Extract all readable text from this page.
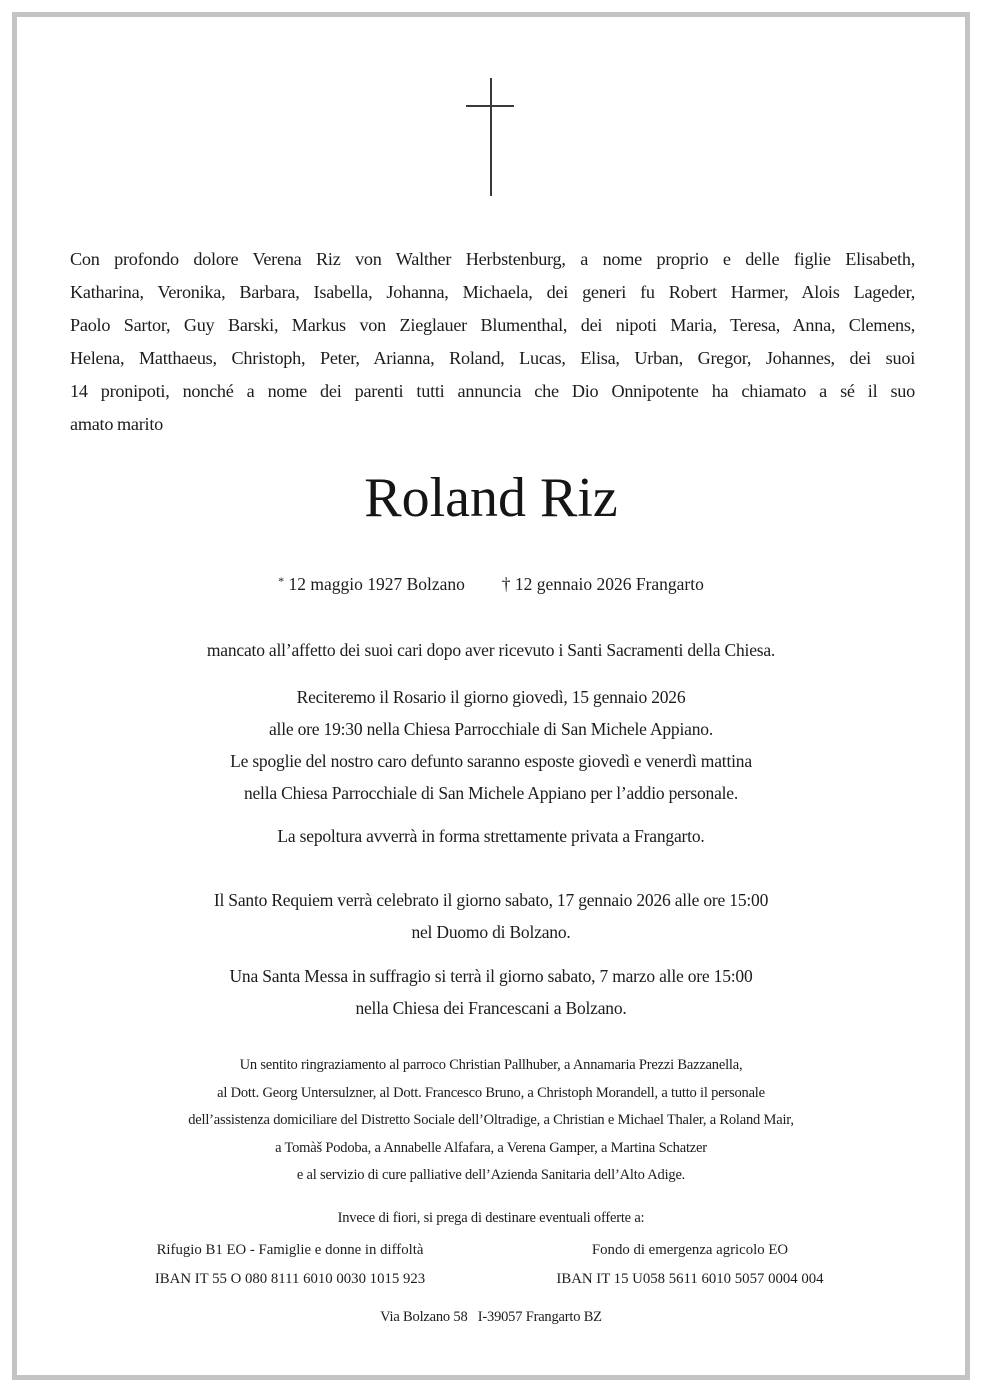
Con profondo dolore Verena Riz von Walther Herbstenburg, a nome proprio e delle figlie Elisabeth,
Katharina, Veronika, Barbara, Isabella, Johanna, Michaela, dei generi fu Robert Harmer, Alois Lageder,
Paolo Sartor, Guy Barski, Markus von Zieglauer Blumenthal, dei nipoti Maria, Teresa, Anna, Clemens,
Helena, Matthaeus, Christoph, Peter, Arianna, Roland, Lucas, Elisa, Urban, Gregor, Johannes, dei suoi
14 pronipoti, nonché a nome dei parenti tutti annuncia che Dio Onnipotente ha chiamato a sé il suo
amato marito
Roland Riz
* 12 maggio 1927 Bolzano † 12 gennaio 2026 Frangarto
mancato all’affetto dei suoi cari dopo aver ricevuto i Santi Sacramenti della Chiesa.
Reciteremo il Rosario il giorno giovedì, 15 gennaio 2026
alle ore 19:30 nella Chiesa Parrocchiale di San Michele Appiano.
Le spoglie del nostro caro defunto saranno esposte giovedì e venerdì mattina
nella Chiesa Parrocchiale di San Michele Appiano per l’addio personale.
La sepoltura avverrà in forma strettamente privata a Frangarto.
Il Santo Requiem verrà celebrato il giorno sabato, 17 gennaio 2026 alle ore 15:00
nel Duomo di Bolzano.
Una Santa Messa in suffragio si terrà il giorno sabato, 7 marzo alle ore 15:00
nella Chiesa dei Francescani a Bolzano.
Un sentito ringraziamento al parroco Christian Pallhuber, a Annamaria Prezzi Bazzanella,
al Dott. Georg Untersulzner, al Dott. Francesco Bruno, a Christoph Morandell, a tutto il personale
dell’assistenza domiciliare del Distretto Sociale dell’Oltradige, a Christian e Michael Thaler, a Roland Mair,
a Tomàš Podoba, a Annabelle Alfafara, a Verena Gamper, a Martina Schatzer
e al servizio di cure palliative dell’Azienda Sanitaria dell’Alto Adige.
Invece di fiori, si prega di destinare eventuali offerte a:
Rifugio B1 EO - Famiglie e donne in diffoltà
IBAN IT 55 O 080 8111 6010 0030 1015 923
Fondo di emergenza agricolo EO
IBAN IT 15 U058 5611 6010 5057 0004 004
Via Bolzano 58   I-39057 Frangarto BZ
